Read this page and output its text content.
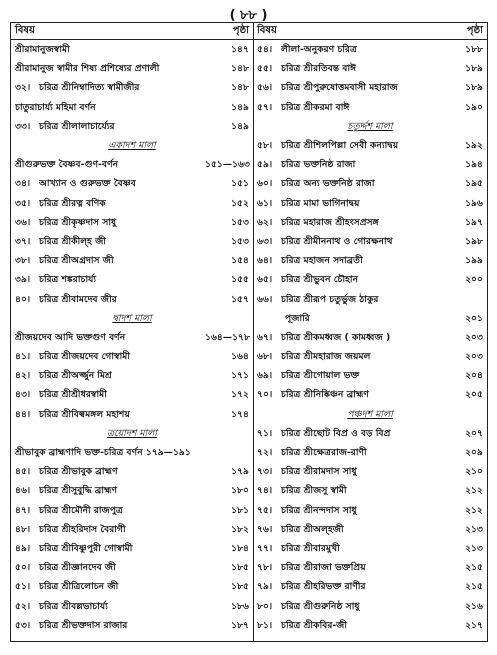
( ৮৮ )
বিষয়	পৃষ্ঠা
শ্রীরামানুজস্বামী	১৪৭
শ্রীরামানুজ স্বামীর শিষ্য প্রশিষ্যের প্রণালী	১৪৮
৩২। চরিত্র শ্রীনিম্বাদিত্য স্বামীজীর	১৪৮
চাতুরাচার্য্য মহিমা বর্ণন	১৪৯
৩৩। চরিত্র শ্রীলালাচার্য্যের	১৪৯
একাদশ মালা
শ্রীগুরুভক্ত বৈষ্ণব-গুণ-বর্ণন	১৫১—১৬৩
৩৪। আখ্যান ও গুরুভক্ত বৈষ্ণব	১৫১
৩৫। চরিত্র শ্রীরত্ন বণিক	১৫২
৩৬। চরিত্র শ্রীকৃষ্ণদাস সাধু	১৫৩
৩৭। চরিত্র শ্রীকীল্হ জী	১৫৩
৩৮। চরিত্র শ্রীঅগ্রদাস জী	১৫৪
৩৯। চরিত্র শঙ্করাচার্য্য	১৫৫
৪০। চরিত্র শ্রীবামদেব জীর	১৫৭
দ্বাদশ মালা
শ্রীজয়দেব আদি ভক্তগুণ বর্ণন	১৬৪—১৭৮
৪১। চরিত্র শ্রীজয়দেব গোস্বামী	১৬৪
৪২। চরিত্র শ্রীঅর্জ্জুন মিশ্র	১৭১
৪৩। চরিত্র শ্রীশ্রীধরস্বামী	১৭২
৪৪। চরিত্র শ্রীবিল্বমঙ্গল মহাশয়	১৭৪
ত্রয়োদশ মালা
শ্রীভাবুক ব্রাহ্মণাদি ভক্ত-চরিত্র বর্ণন ১৭৯—১৯১
৪৫। চরিত্র শ্রীভাবুক ব্রাহ্মণ	১৭৯
৪৬। চরিত্র শ্রীসুবুদ্ধি ব্রাহ্মণ	১৮০
৪৭। চরিত্র শ্রীমৌনী রাজপুত্র	১৮১
৪৮। চরিত্র শ্রীহরিদাস বৈরাগী	১৮২
৪৯। চরিত্র শ্রীবিষ্ণুপুরী গোস্বামী	১৮৪
৫০। চরিত্র শ্রীজ্ঞানদেব জী	১৮৫
৫১। চরিত্র শ্রীত্রিলোচন জী	১৮৫
৫২। চরিত্র শ্রীবল্লভাচার্য্য	১৮৬
৫৩। চরিত্র শ্রীভক্তদাস রাজার	১৮৭
বিষয়	পৃষ্ঠা
৫৪। লীলা-অনুকরণ চরিত্র	১৮৮
৫৫। চরিত্র শ্রীরতিবন্ত বাঈ	১৮৯
৫৬। চরিত্র শ্রীপুরুষোত্তমবাসী মহারাজ	১৮৯
৫৭। চরিত্র শ্রীকরমা বাঈ	১৯০
চতুর্দ্দশ মালা
৫৮। চরিত্র শ্রীশিলপিল্লা সেবী কন্যাদ্বয়	১৯২
৫৯। চরিত্র ভক্তনিষ্ঠ রাজা	১৯৪
৬০। চরিত্র অন্য ভক্তনিষ্ঠ রাজা	১৯৫
৬১। চরিত্র মামা ভাগিনাদ্বয়	১৯৬
৬২। চরিত্র মহারাজ শ্রীহংসপ্রসঙ্গ	১৯৭
৬৩। চরিত্র শ্রীমীননাথ ও গোরক্ষনাথ	১৯৮
৬৪। চরিত্র মহাজন সদাব্রতী	১৯৯
৬৫। চরিত্র শ্রীভুবন চৌহান	২০০
৬৬। চরিত্র শ্রীরূপ চতুর্ভুজ ঠাকুর
পূজারি	২০১
৬৭। চরিত্র শ্রীকমধ্বজ ( কামধ্বজ )	২০৩
৬৮। চরিত্র শ্রীমহারাজ জয়মল	২০৩
৬৯। চরিত্র শ্রীগোয়াল ভক্ত	২০৪
৭০। চরিত্র শ্রীনিষ্কিঞ্চন ব্রাহ্মণ	২০৫
পঞ্চদশ মালা
৭১। চরিত্র শ্রীছোট বিপ্র ও বড় বিপ্র	২০৭
৭২। চরিত্র শ্রীক্ষেত্ররাজ-রাণী	২০৯
৭৩। চরিত্র শ্রীরামদাস সাধু	২১০
৭৪। চরিত্র শ্রীজসু স্বামী	২১২
৭৫। চরিত্র শ্রীনন্দদাস সাধু	২১২
৭৬। চরিত্র শ্রীঅল্হজী	২১৩
৭৭। চরিত্র শ্রীবারমুখী	২১৩
৭৮। চরিত্র শ্রীরাজা ভক্তপ্রিয়	২১৫
৭৯। চরিত্র শ্রীহরিভক্ত রাণীর	২১৫
৮০। চরিত্র শ্রীগুরুনিষ্ঠ সাধু	২১৬
৮১। চরিত্র শ্রীকবির-জী	২১৭
